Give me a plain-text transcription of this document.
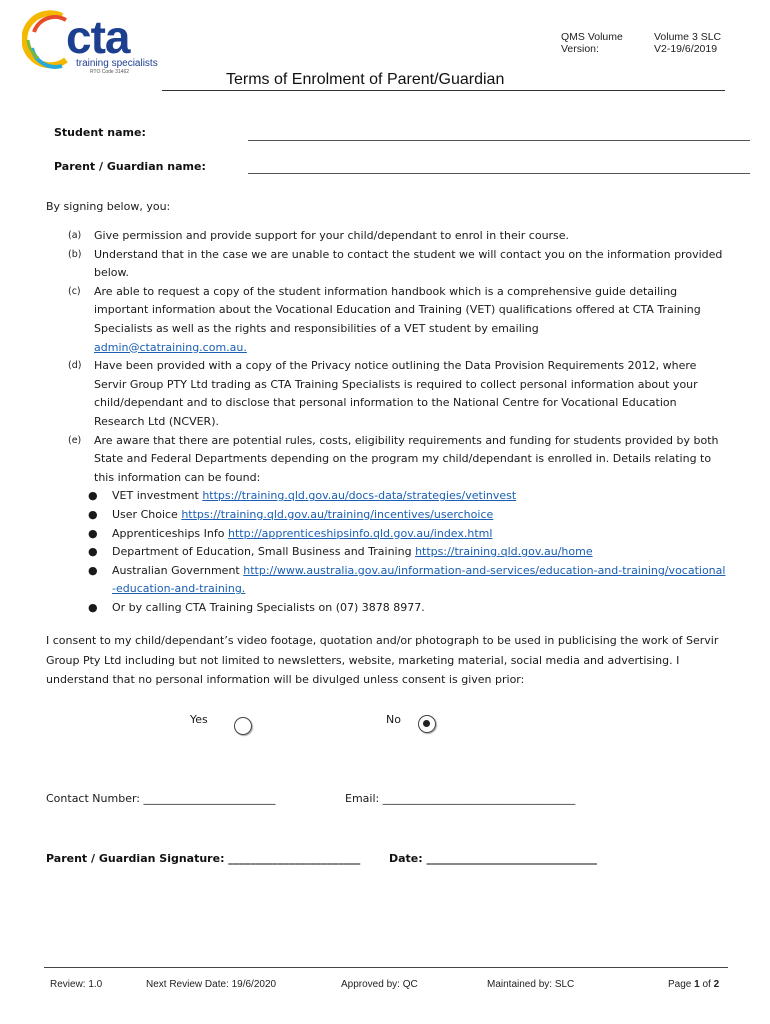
cta
training specialists
RTO Code 31462
QMS Volume	Volume 3 SLC
Version:	V2-19/6/2019
Terms of Enrolment of Parent/Guardian
Student name:
Parent / Guardian name:
By signing below, you:
(a) Give permission and provide support for your child/dependant to enrol in their course.
(b) Understand that in the case we are unable to contact the student we will contact you on the information provided below.
(c) Are able to request a copy of the student information handbook which is a comprehensive guide detailing important information about the Vocational Education and Training (VET) qualifications offered at CTA Training Specialists as well as the rights and responsibilities of a VET student by emailing
admin@ctatraining.com.au.
(d) Have been provided with a copy of the Privacy notice outlining the Data Provision Requirements 2012, where Servir Group PTY Ltd trading as CTA Training Specialists is required to collect personal information about your child/dependant and to disclose that personal information to the National Centre for Vocational Education Research Ltd (NCVER).
(e) Are aware that there are potential rules, costs, eligibility requirements and funding for students provided by both State and Federal Departments depending on the program my child/dependant is enrolled in. Details relating to this information can be found:
● VET investment https://training.qld.gov.au/docs-data/strategies/vetinvest
● User Choice https://training.qld.gov.au/training/incentives/userchoice
● Apprenticeships Info http://apprenticeshipsinfo.qld.gov.au/index.html
● Department of Education, Small Business and Training https://training.qld.gov.au/home
● Australian Government http://www.australia.gov.au/information-and-services/education-and-training/vocational-education-and-training.
● Or by calling CTA Training Specialists on (07) 3878 8977.
I consent to my child/dependant’s video footage, quotation and/or photograph to be used in publicising the work of Servir Group Pty Ltd including but not limited to newsletters, website, marketing material, social media and advertising. I understand that no personal information will be divulged unless consent is given prior:
Yes	No
Contact Number: ________________________	Email: ___________________________________
Parent / Guardian Signature: ________________________	Date: _______________________________
Review: 1.0	Next Review Date: 19/6/2020	Approved by: QC	Maintained by: SLC	Page 1 of 2
